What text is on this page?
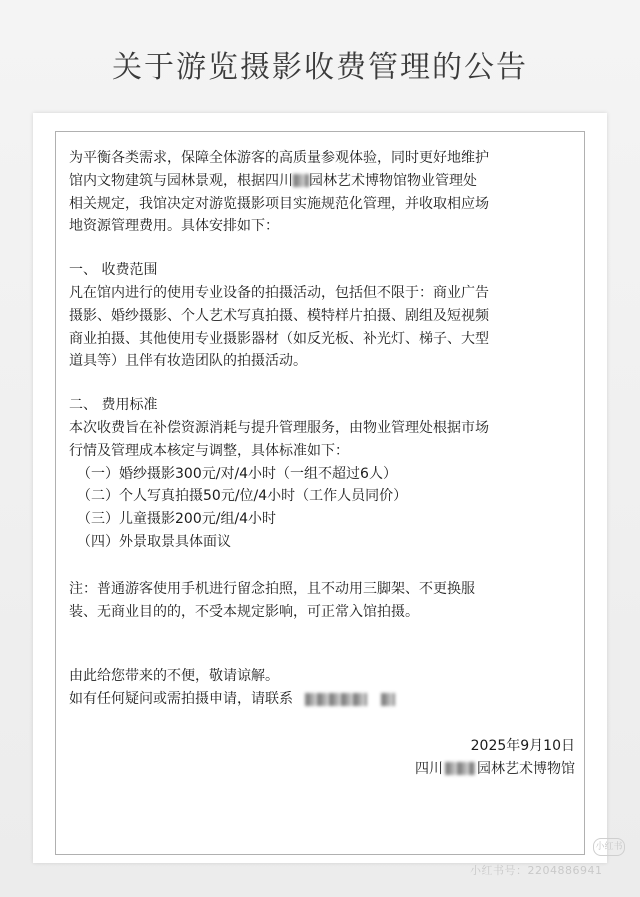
关于游览摄影收费管理的公告

为平衡各类需求，保障全体游客的高质量参观体验，同时更好地维护

馆内文物建筑与园林景观，根据四川 园林艺术博物馆物业管理处

相关规定，我馆决定对游览摄影项目实施规范化管理，并收取相应场

地资源管理费用。具体安排如下：

一、 收费范围

凡在馆内进行的使用专业设备的拍摄活动，包括但不限于：商业广告

摄影、婚纱摄影、个人艺术写真拍摄、模特样片拍摄、剧组及短视频

商业拍摄、其他使用专业摄影器材（如反光板、补光灯、梯子、大型

道具等）且伴有妆造团队的拍摄活动。

二、 费用标准

本次收费旨在补偿资源消耗与提升管理服务，由物业管理处根据市场

行情及管理成本核定与调整，具体标准如下：

（一）婚纱摄影300元/对/4小时（一组不超过6人）

（二）个人写真拍摄50元/位/4小时（工作人员同价）

（三）儿童摄影200元/组/4小时

（四）外景取景具体面议

注：普通游客使用手机进行留念拍照，且不动用三脚架、不更换服

装、无商业目的的，不受本规定影响，可正常入馆拍摄。

由此给您带来的不便，敬请谅解。

如有任何疑问或需拍摄申请，请联系

2025年9月10日

四川 园林艺术博物馆

小红书
小红书号：2204886941
